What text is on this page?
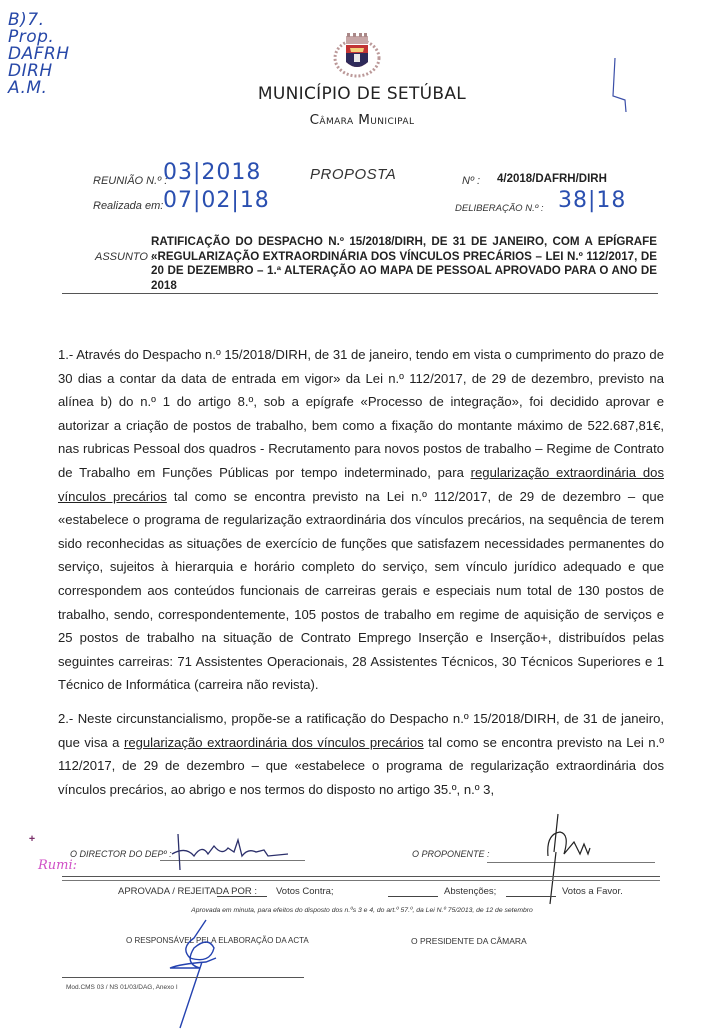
B)7.
Prop.
DAFRH
DIRH
A.M.	MUNICÍPIO DE SETÚBAL
Câmara Municipal
REUNIÃO N.º :
03|2018
Realizada em: 07|02|18
PROPOSTA	Nº : 4/2018/DAFRH/DIRH
DELIBERAÇÃO N.º : 38|18
ASSUNTO :
RATIFICAÇÃO DO DESPACHO N.º 15/2018/DIRH, DE 31 DE JANEIRO, COM A EPÍGRAFE «REGULARIZAÇÃO EXTRAORDINÁRIA DOS VÍNCULOS PRECÁRIOS – LEI N.º 112/2017, DE 20 DE DEZEMBRO – 1.ª ALTERAÇÃO AO MAPA DE PESSOAL APROVADO PARA O ANO DE 2018
1.- Através do Despacho n.º 15/2018/DIRH, de 31 de janeiro, tendo em vista o cumprimento do prazo de 30 dias a contar da data de entrada em vigor» da Lei n.º 112/2017, de 29 de dezembro, previsto na alínea b) do n.º 1 do artigo 8.º, sob a epígrafe «Processo de integração», foi decidido aprovar e autorizar a criação de postos de trabalho, bem como a fixação do montante máximo de 522.687,81€, nas rubricas Pessoal dos quadros - Recrutamento para novos postos de trabalho – Regime de Contrato de Trabalho em Funções Públicas por tempo indeterminado, para regularização extraordinária dos vínculos precários tal como se encontra previsto na Lei n.º 112/2017, de 29 de dezembro – que «estabelece o programa de regularização extraordinária dos vínculos precários, na sequência de terem sido reconhecidas as situações de exercício de funções que satisfazem necessidades permanentes do serviço, sujeitos à hierarquia e horário completo do serviço, sem vínculo jurídico adequado e que correspondem aos conteúdos funcionais de carreiras gerais e especiais num total de 130 postos de trabalho, sendo, correspondentemente, 105 postos de trabalho em regime de aquisição de serviços e 25 postos de trabalho na situação de Contrato Emprego Inserção e Inserção+, distribuídos pelas seguintes carreiras: 71 Assistentes Operacionais, 28 Assistentes Técnicos, 30 Técnicos Superiores e 1 Técnico de Informática (carreira não revista).
2.- Neste circunstancialismo, propõe-se a ratificação do Despacho n.º 15/2018/DIRH, de 31 de janeiro, que visa a regularização extraordinária dos vínculos precários tal como se encontra previsto na Lei n.º 112/2017, de 29 de dezembro – que «estabelece o programa de regularização extraordinária dos vínculos precários, ao abrigo e nos termos do disposto no artigo 35.º, n.º 3,
ᐩ	O DIRECTOR DO DEPº :
Rumi:
O PROPONENTE :
APROVADA / REJEITADA POR : Votos Contra;	Abstenções;	Votos a Favor.
Aprovada em minuta, para efeitos do disposto dos n.ºs 3 e 4, do art.º 57.º, da Lei N.º 75/2013, de 12 de setembro
O RESPONSÁVEL PELA ELABORAÇÃO DA ACTA	O PRESIDENTE DA CÂMARA
Mod.CMS 03 / NS 01/03/DAG, Anexo I
